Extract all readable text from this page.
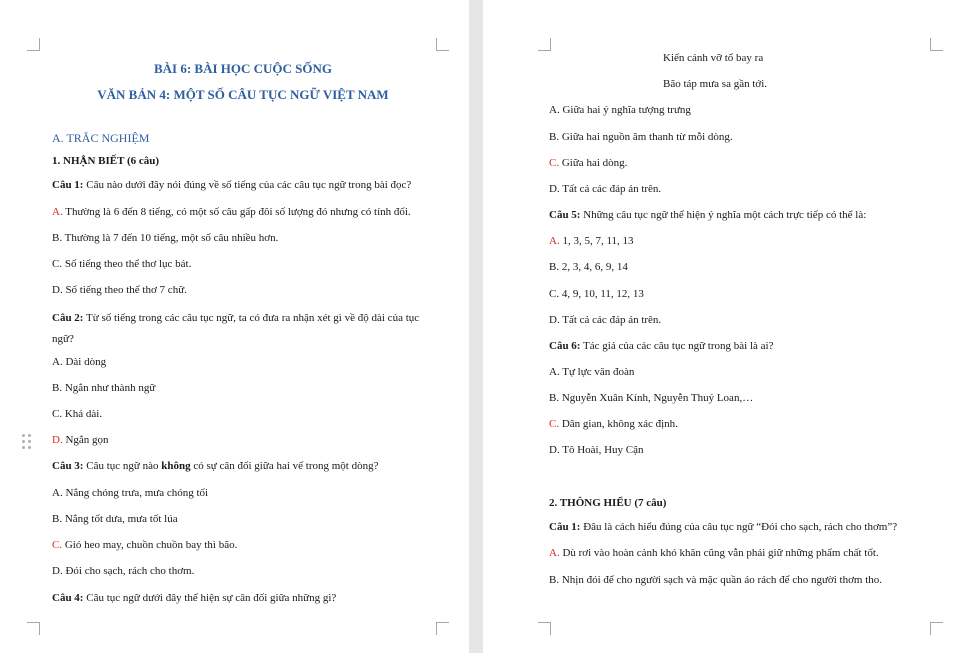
BÀI 6: BÀI HỌC CUỘC SỐNG
VĂN BẢN 4: MỘT SỐ CÂU TỤC NGỮ VIỆT NAM
A. TRẮC NGHIỆM
1. NHẬN BIẾT (6 câu)
Câu 1: Câu nào dưới đây nói đúng về số tiếng của các câu tục ngữ trong bài đọc?
A. Thường là 6 đến 8 tiếng, có một số câu gấp đôi số lượng đó nhưng có tính đối.
B. Thường là 7 đến 10 tiếng, một số câu nhiều hơn.
C. Số tiếng theo thể thơ lục bát.
D. Số tiếng theo thể thơ 7 chữ.
Câu 2: Từ số tiếng trong các câu tục ngữ, ta có đưa ra nhận xét gì về độ dài của tục ngữ?
A. Dài dòng
B. Ngắn như thành ngữ
C. Khá dài.
D. Ngắn gọn
Câu 3: Câu tục ngữ nào không có sự cân đối giữa hai vế trong một dòng?
A. Nắng chóng trưa, mưa chóng tối
B. Nắng tốt dưa, mưa tốt lúa
C. Gió heo may, chuồn chuồn bay thì bão.
D. Đói cho sạch, rách cho thơm.
Câu 4: Câu tục ngữ dưới đây thể hiện sự cân đối giữa những gì?
Kiến cánh vỡ tổ bay ra
Bão táp mưa sa gần tới.
A. Giữa hai ý nghĩa tượng trưng
B. Giữa hai nguồn âm thanh từ mỗi dòng.
C. Giữa hai dòng.
D. Tất cả các đáp án trên.
Câu 5: Những câu tục ngữ thể hiện ý nghĩa một cách trực tiếp có thể là:
A. 1, 3, 5, 7, 11, 13
B. 2, 3, 4, 6, 9, 14
C. 4, 9, 10, 11, 12, 13
D. Tất cả các đáp án trên.
Câu 6: Tác giả của các câu tục ngữ trong bài là ai?
A. Tự lực văn đoàn
B. Nguyễn Xuân Kính, Nguyễn Thuý Loan,…
C. Dân gian, không xác định.
D. Tô Hoài, Huy Cận
2. THÔNG HIỂU (7 câu)
Câu 1: Đâu là cách hiểu đúng của câu tục ngữ “Đói cho sạch, rách cho thơm”?
A. Dù rơi vào hoàn cảnh khó khăn cũng vẫn phải giữ những phẩm chất tốt.
B. Nhịn đói để cho người sạch và mặc quần áo rách để cho người thơm tho.
